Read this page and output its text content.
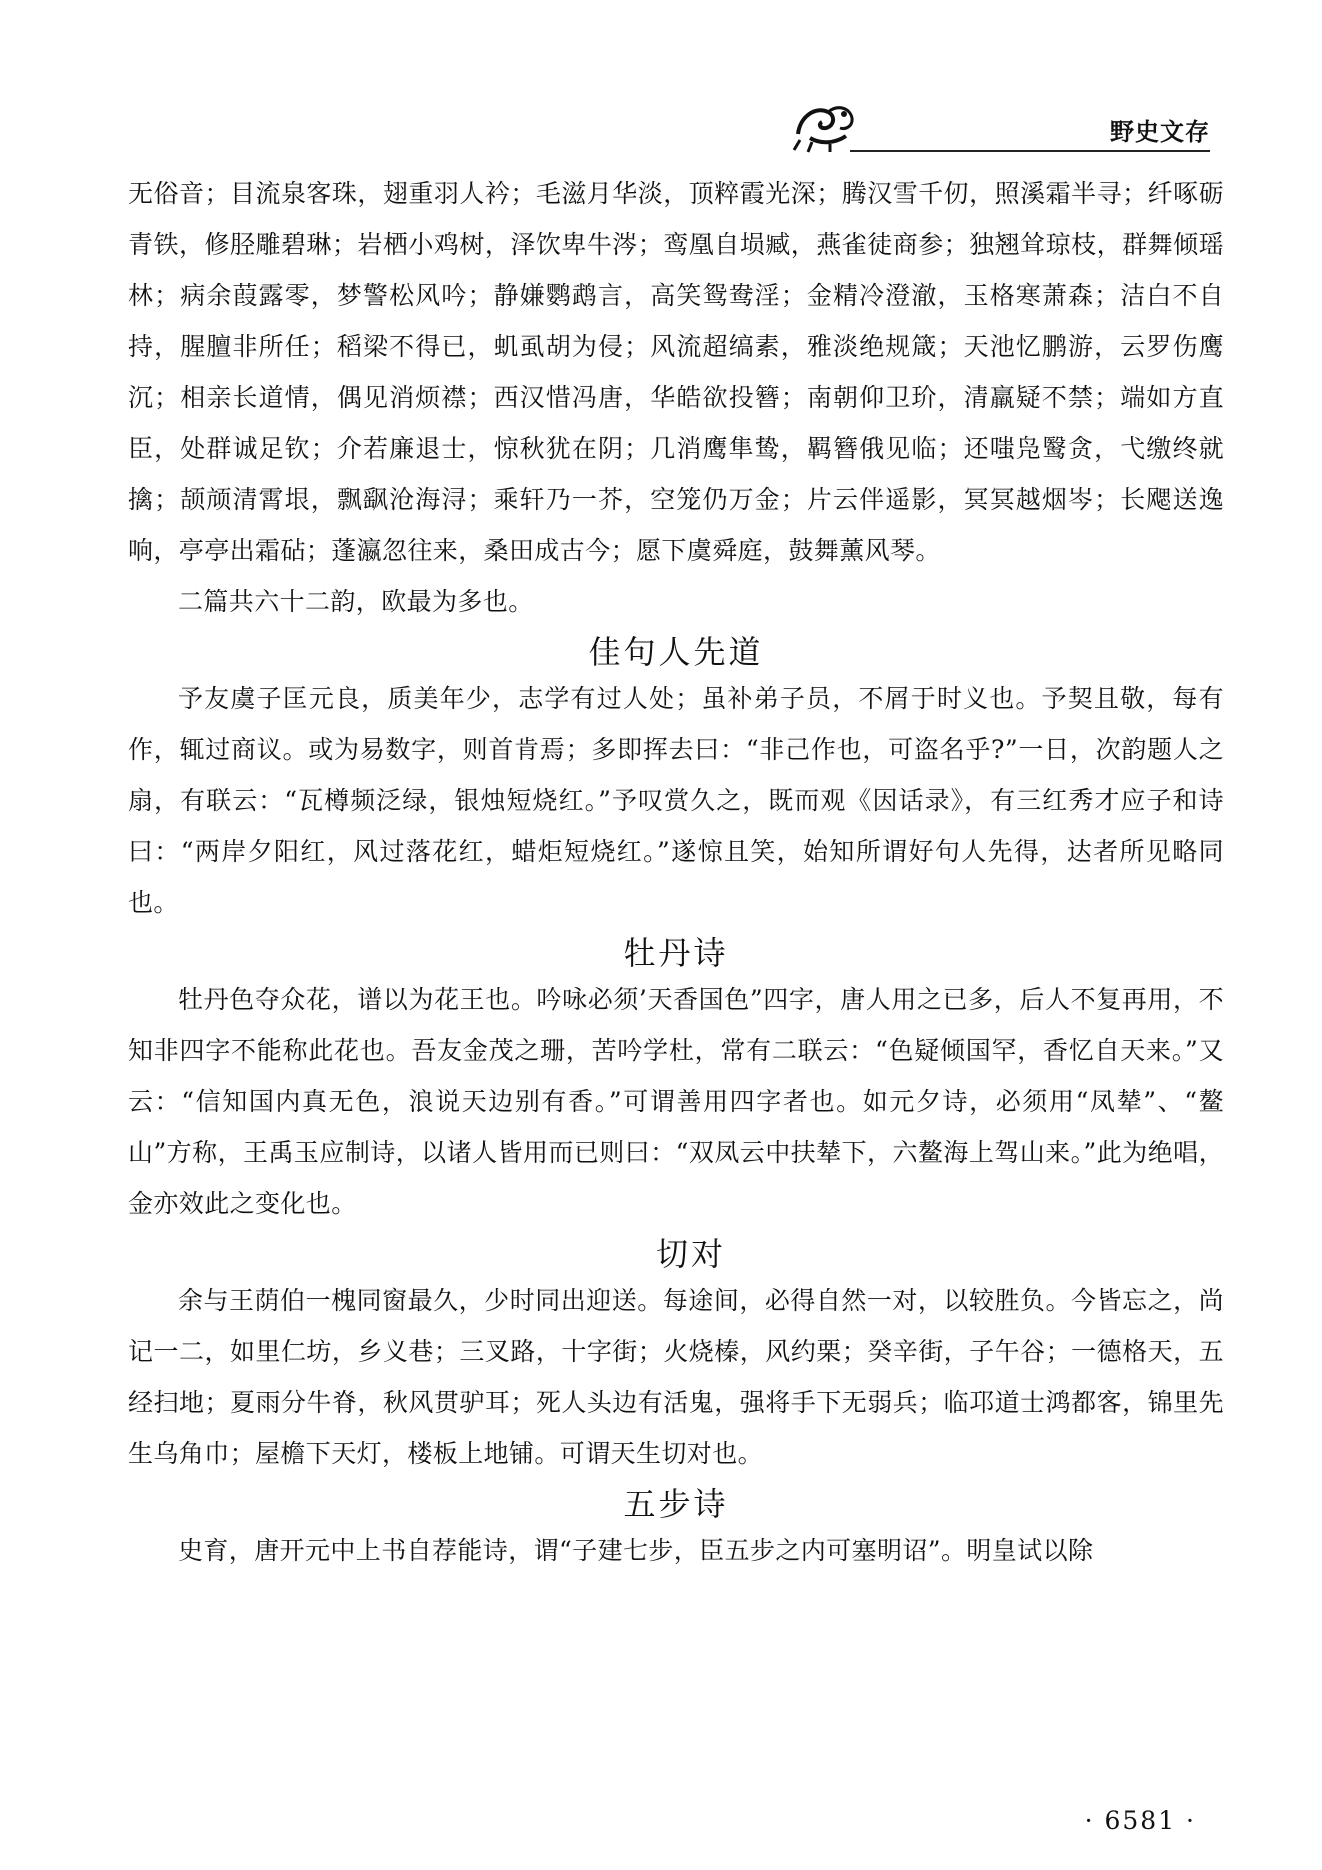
野史文存

无俗音；目流泉客珠，翅重羽人衿；毛滋月华淡，顶粹霞光深；腾汉雪千仞，照溪霜半寻；纤啄砺青铁，修胫雕碧琳；岩栖小鸡树，泽饮卑牛涔；鸾凰自埙臧，燕雀徒商参；独翘耸琼枝，群舞倾瑶林；病余葭露零，梦警松风吟；静嫌鹦鹉言，高笑鸳鸯淫；金精冷澄澈，玉格寒萧森；洁白不自持，腥膻非所任；稻梁不得已，虮虱胡为侵；风流超缟素，雅淡绝规箴；天池忆鹏游，云罗伤鹰沉；相亲长道情，偶见消烦襟；西汉惜冯唐，华皓欲投簪；南朝仰卫玠，清羸疑不禁；端如方直臣，处群诚足钦；介若廉退士，惊秋犹在阴；几消鹰隼鸷，羁簪俄见临；还嗤凫鹥贪，弋缴终就擒；颉颃清霄垠，飘飖沧海浔；乘轩乃一芥，空笼仍万金；片云伴遥影，冥冥越烟岑；长飔送逸响，亭亭出霜砧；蓬瀛忽往来，桑田成古今；愿下虞舜庭，鼓舞薰风琴。

二篇共六十二韵，欧最为多也。

佳句人先道

予友虞子匡元良，质美年少，志学有过人处；虽补弟子员，不屑于时义也。予契且敬，每有作，辄过商议。或为易数字，则首肯焉；多即挥去曰：“非己作也，可盗名乎?”一日，次韵题人之扇，有联云：“瓦樽频泛绿，银烛短烧红。”予叹赏久之，既而观《因话录》，有三红秀才应子和诗曰：“两岸夕阳红，风过落花红，蜡炬短烧红。”遂惊且笑，始知所谓好句人先得，达者所见略同也。

牡丹诗

牡丹色夺众花，谱以为花王也。吟咏必须’天香国色”四字，唐人用之已多，后人不复再用，不知非四字不能称此花也。吾友金茂之珊，苦吟学杜，常有二联云：“色疑倾国罕，香忆自天来。”又云：“信知国内真无色，浪说天边别有香。”可谓善用四字者也。如元夕诗，必须用“凤辇”、“鳌山”方称，王禹玉应制诗，以诸人皆用而已则曰：“双凤云中扶辇下，六鳌海上驾山来。”此为绝唱，金亦效此之变化也。

切对

余与王荫伯一槐同窗最久，少时同出迎送。每途间，必得自然一对，以较胜负。今皆忘之，尚记一二，如里仁坊，乡义巷；三叉路，十字街；火烧榛，风约栗；癸辛街，子午谷；一德格天，五经扫地；夏雨分牛脊，秋风贯驴耳；死人头边有活鬼，强将手下无弱兵；临邛道士鸿都客，锦里先生乌角巾；屋檐下天灯，楼板上地铺。可谓天生切对也。

五步诗

史育，唐开元中上书自荐能诗，谓“子建七步，臣五步之内可塞明诏”。明皇试以除

· 6581 ·
